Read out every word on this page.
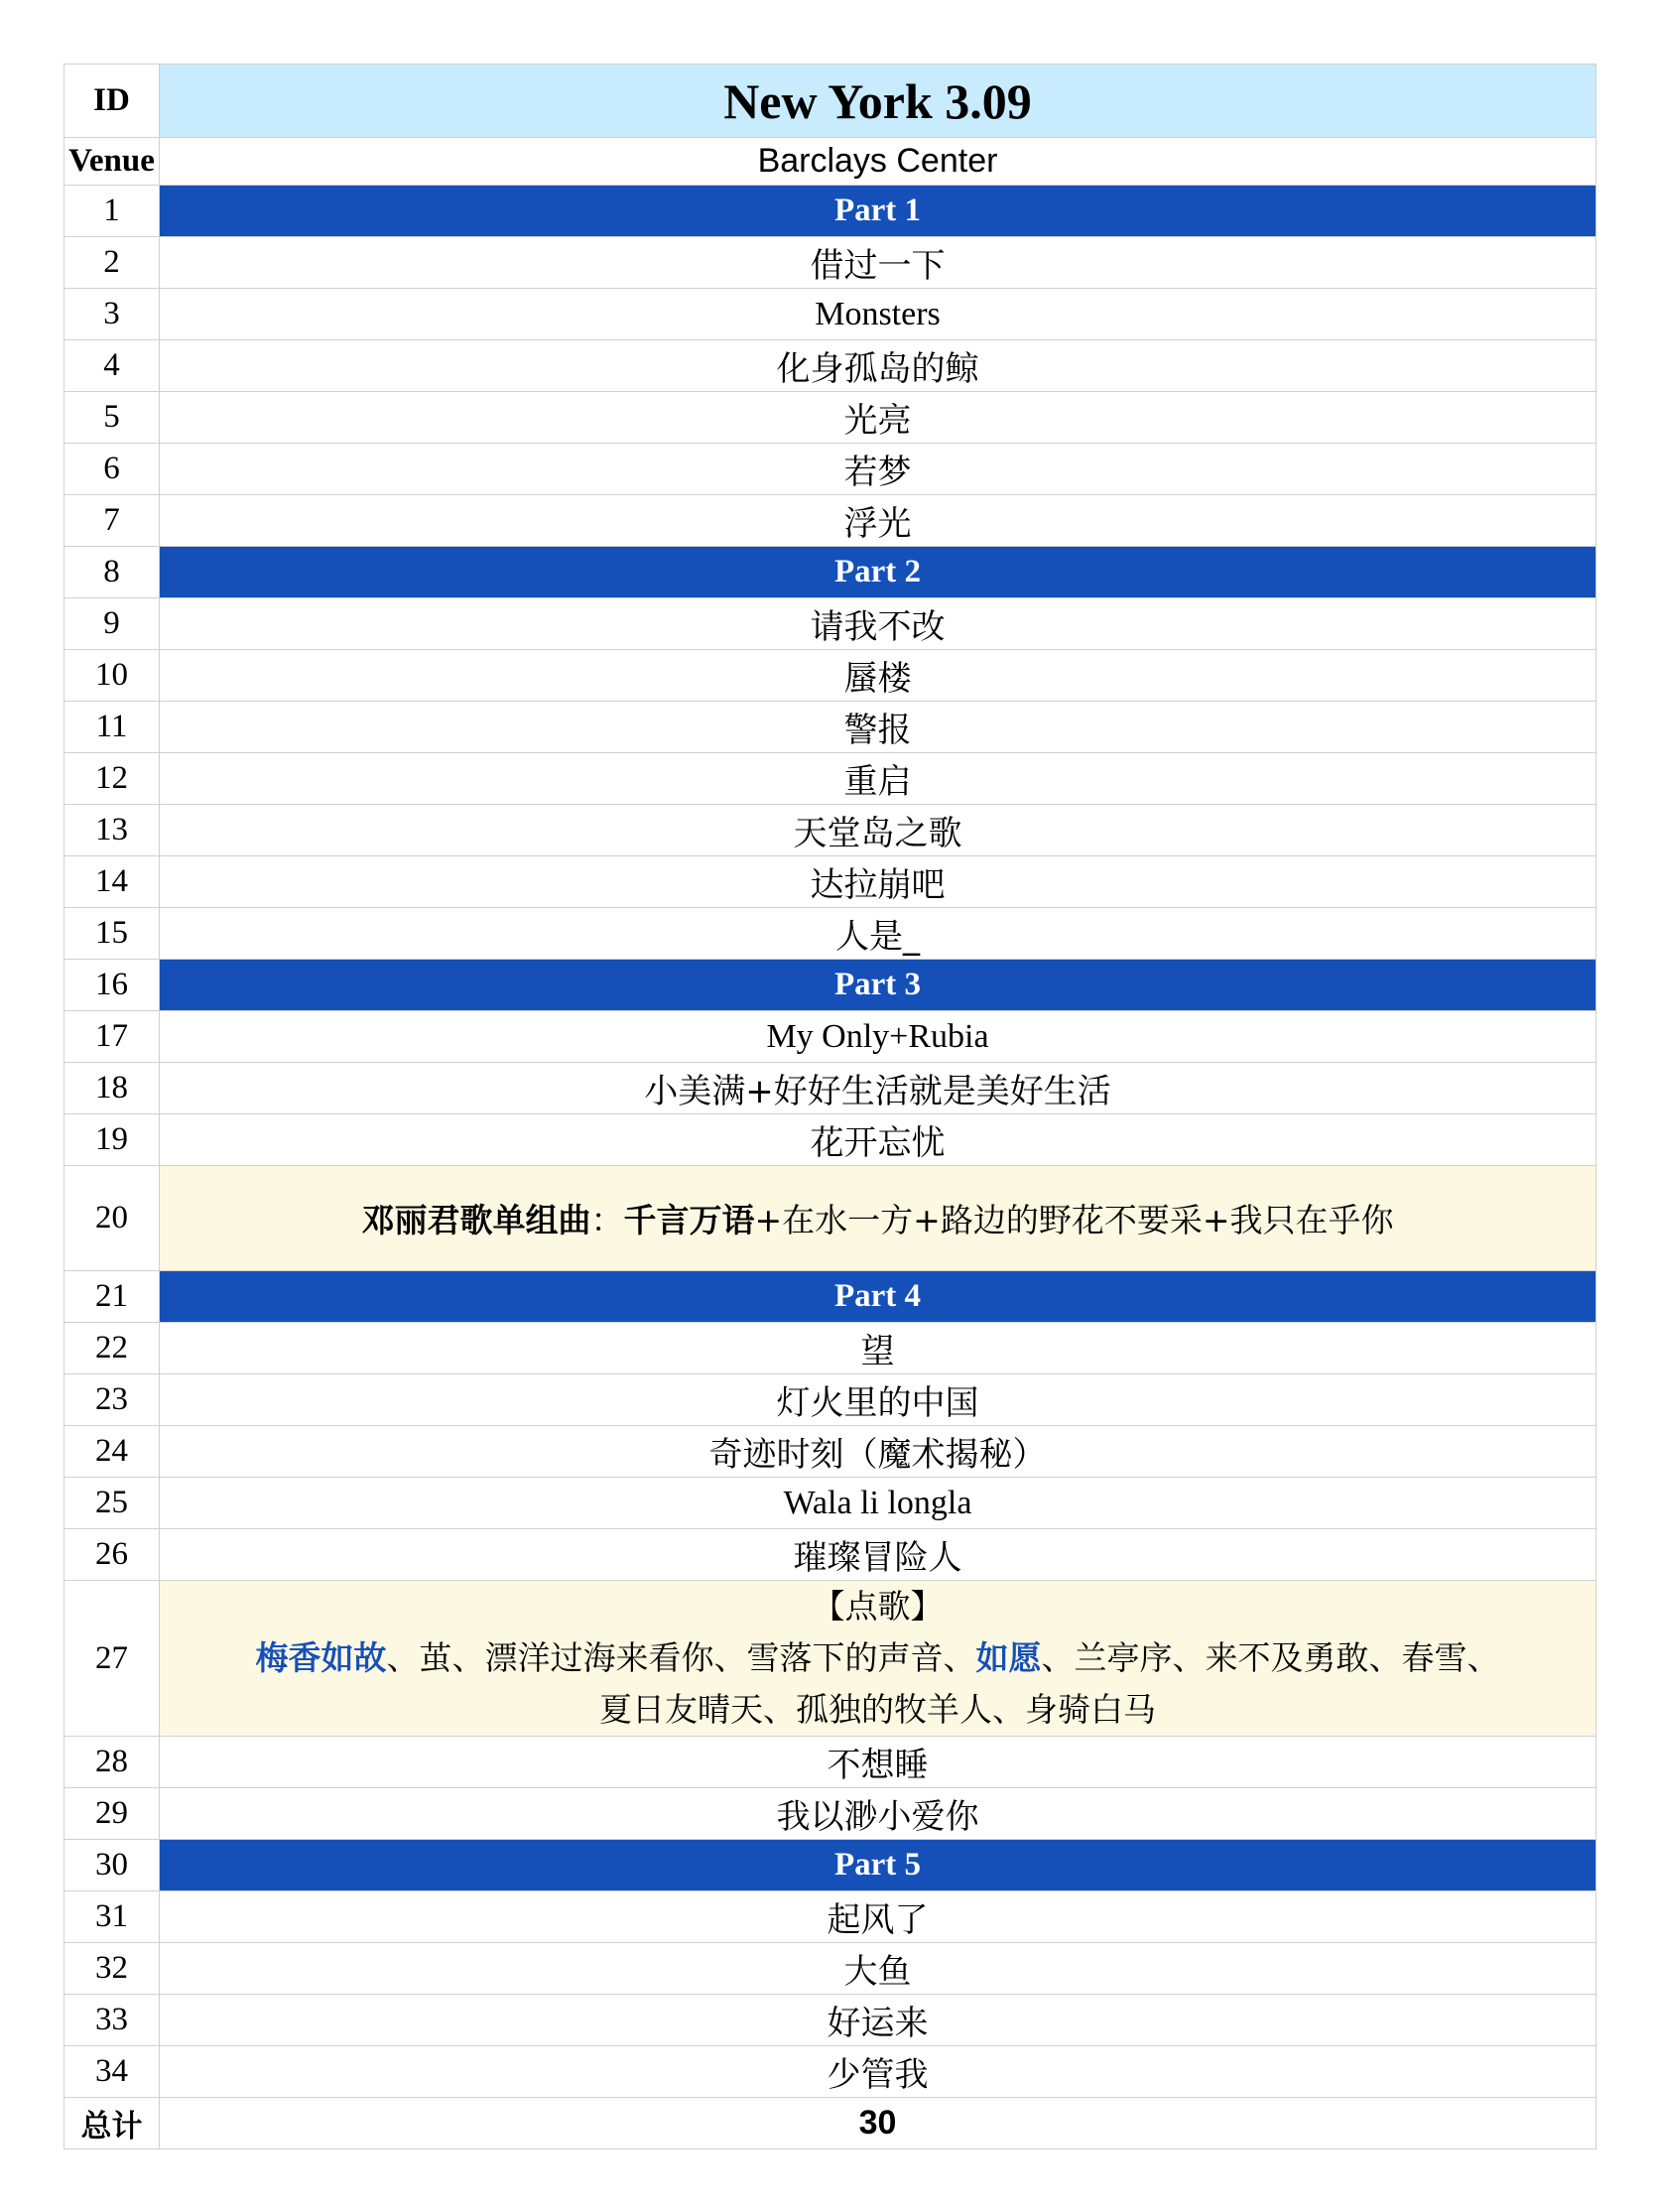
ID	New York 3.09
Venue	Barclays Center
1	Part 1
2	借过一下
3	Monsters
4	化身孤岛的鲸
5	光亮
6	若梦
7	浮光
8	Part 2
9	请我不改
10	蜃楼
11	警报
12	重启
13	天堂岛之歌
14	达拉崩吧
15	人是_
16	Part 3
17	My Only+Rubia
18	小美满+好好生活就是美好生活
19	花开忘忧
20	邓丽君歌单组曲：千言万语+在水一方+路边的野花不要采+我只在乎你
21	Part 4
22	望
23	灯火里的中国
24	奇迹时刻（魔术揭秘）
25	Wala li longla
26	璀璨冒险人
27	【点歌】
梅香如故、茧、漂洋过海来看你、雪落下的声音、如愿、兰亭序、来不及勇敢、春雪、
夏日友晴天、孤独的牧羊人、身骑白马

28	不想睡
29	我以渺小爱你
30	Part 5
31	起风了
32	大鱼
33	好运来
34	少管我
总计	30
